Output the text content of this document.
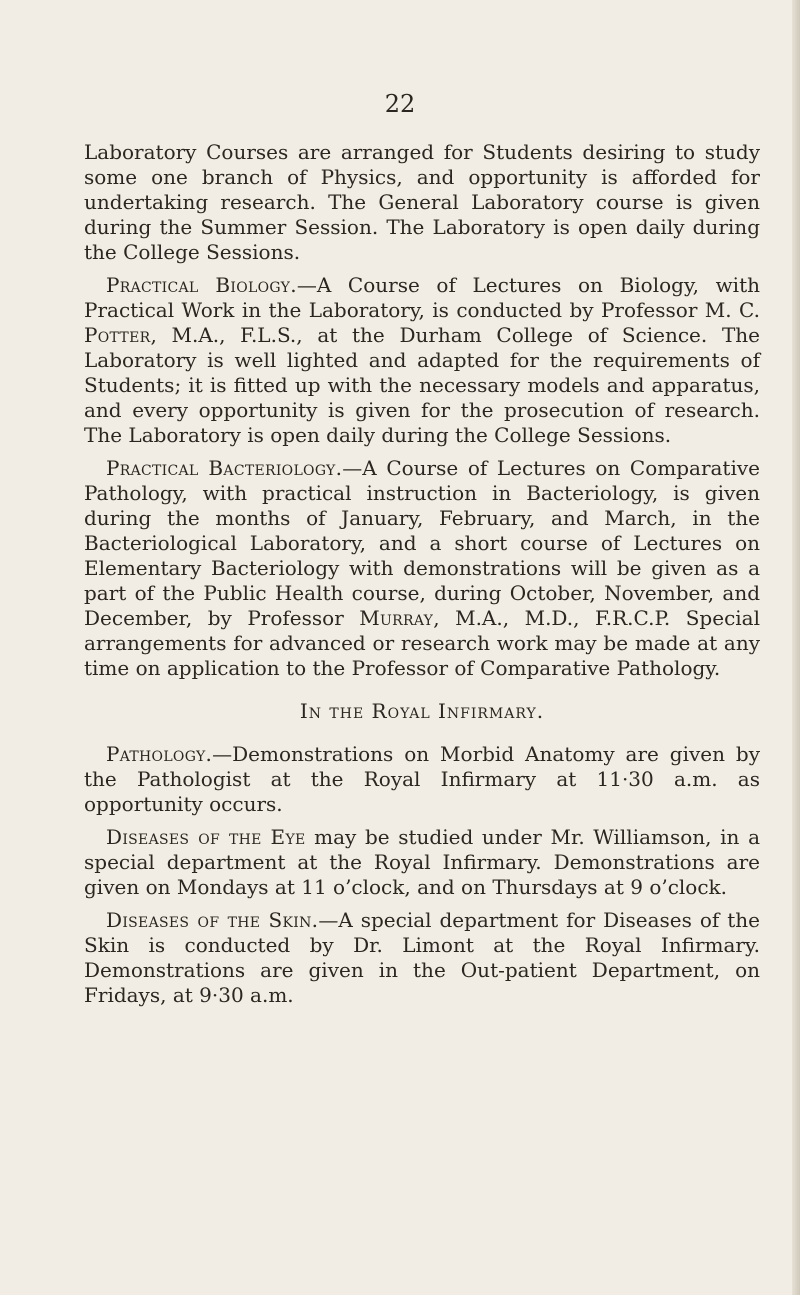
22

Laboratory Courses are arranged for Students desiring to study some one branch of Physics, and opportunity is afforded for undertaking research. The General Laboratory course is given during the Summer Session. The Laboratory is open daily during the College Sessions.

Practical Biology.—A Course of Lectures on Biology, with Practical Work in the Laboratory, is conducted by Professor M. C. Potter, M.A., F.L.S., at the Durham College of Science. The Laboratory is well lighted and adapted for the requirements of Students; it is fitted up with the necessary models and apparatus, and every opportunity is given for the prosecution of research. The Laboratory is open daily during the College Sessions.

Practical Bacteriology.—A Course of Lectures on Comparative Pathology, with practical instruction in Bacteriology, is given during the months of January, February, and March, in the Bacteriological Laboratory, and a short course of Lectures on Elementary Bacteriology with demonstrations will be given as a part of the Public Health course, during October, November, and December, by Professor Murray, M.A., M.D., F.R.C.P. Special arrangements for advanced or research work may be made at any time on application to the Professor of Comparative Pathology.

In the Royal Infirmary.

Pathology.—Demonstrations on Morbid Anatomy are given by the Pathologist at the Royal Infirmary at 11·30 a.m. as opportunity occurs.

Diseases of the Eye may be studied under Mr. Williamson, in a special department at the Royal Infirmary. Demonstrations are given on Mondays at 11 o’clock, and on Thursdays at 9 o’clock.

Diseases of the Skin.—A special department for Diseases of the Skin is conducted by Dr. Limont at the Royal Infirmary. Demonstrations are given in the Out-patient Department, on Fridays, at 9·30 a.m.
